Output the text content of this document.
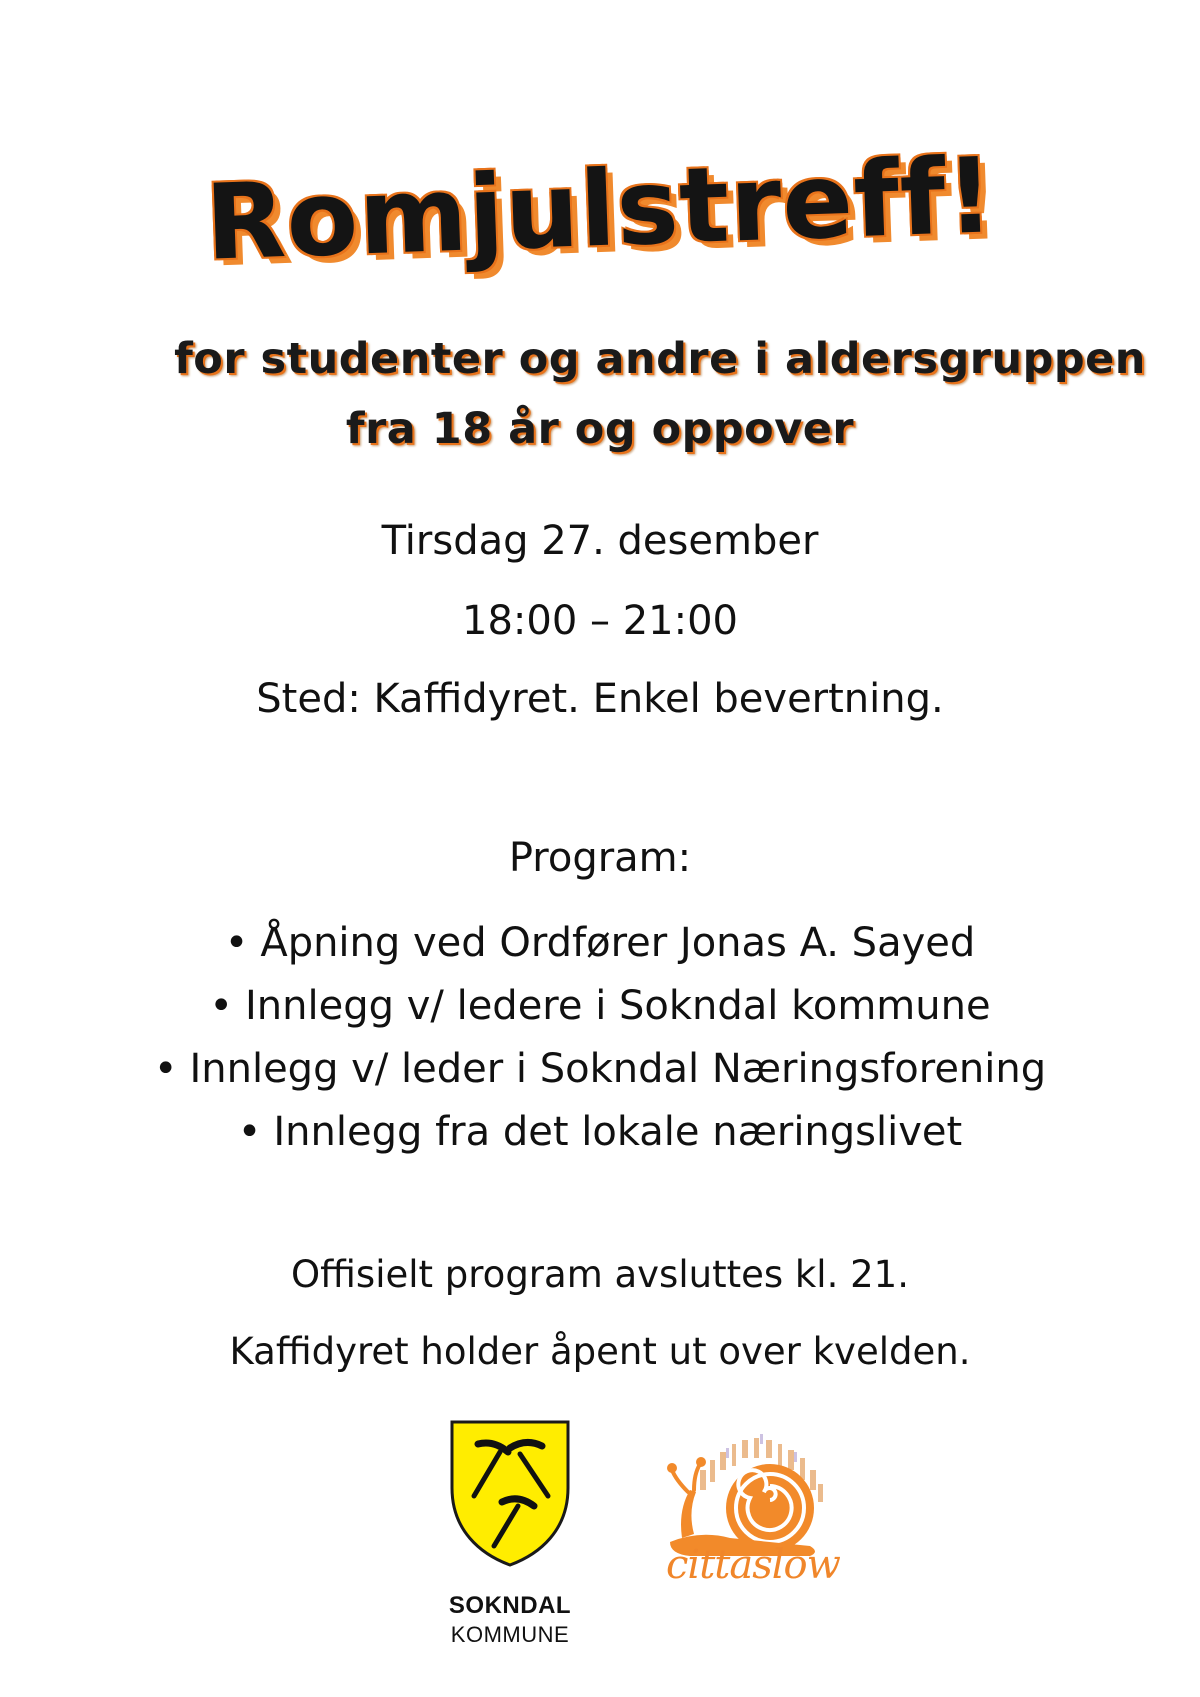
Romjulstreff!
for studenter og andre i aldersgruppen
fra 18 år og oppover
Tirsdag 27. desember
18:00 – 21:00
Sted: Kaffidyret. Enkel bevertning.
Program:
• Åpning ved Ordfører Jonas A. Sayed
• Innlegg v/ ledere i Sokndal kommune
• Innlegg v/ leder i Sokndal Næringsforening
• Innlegg fra det lokale næringslivet
Offisielt program avsluttes kl. 21.
Kaffidyret holder åpent ut over kvelden.
SOKNDAL
KOMMUNE
cittaslow
